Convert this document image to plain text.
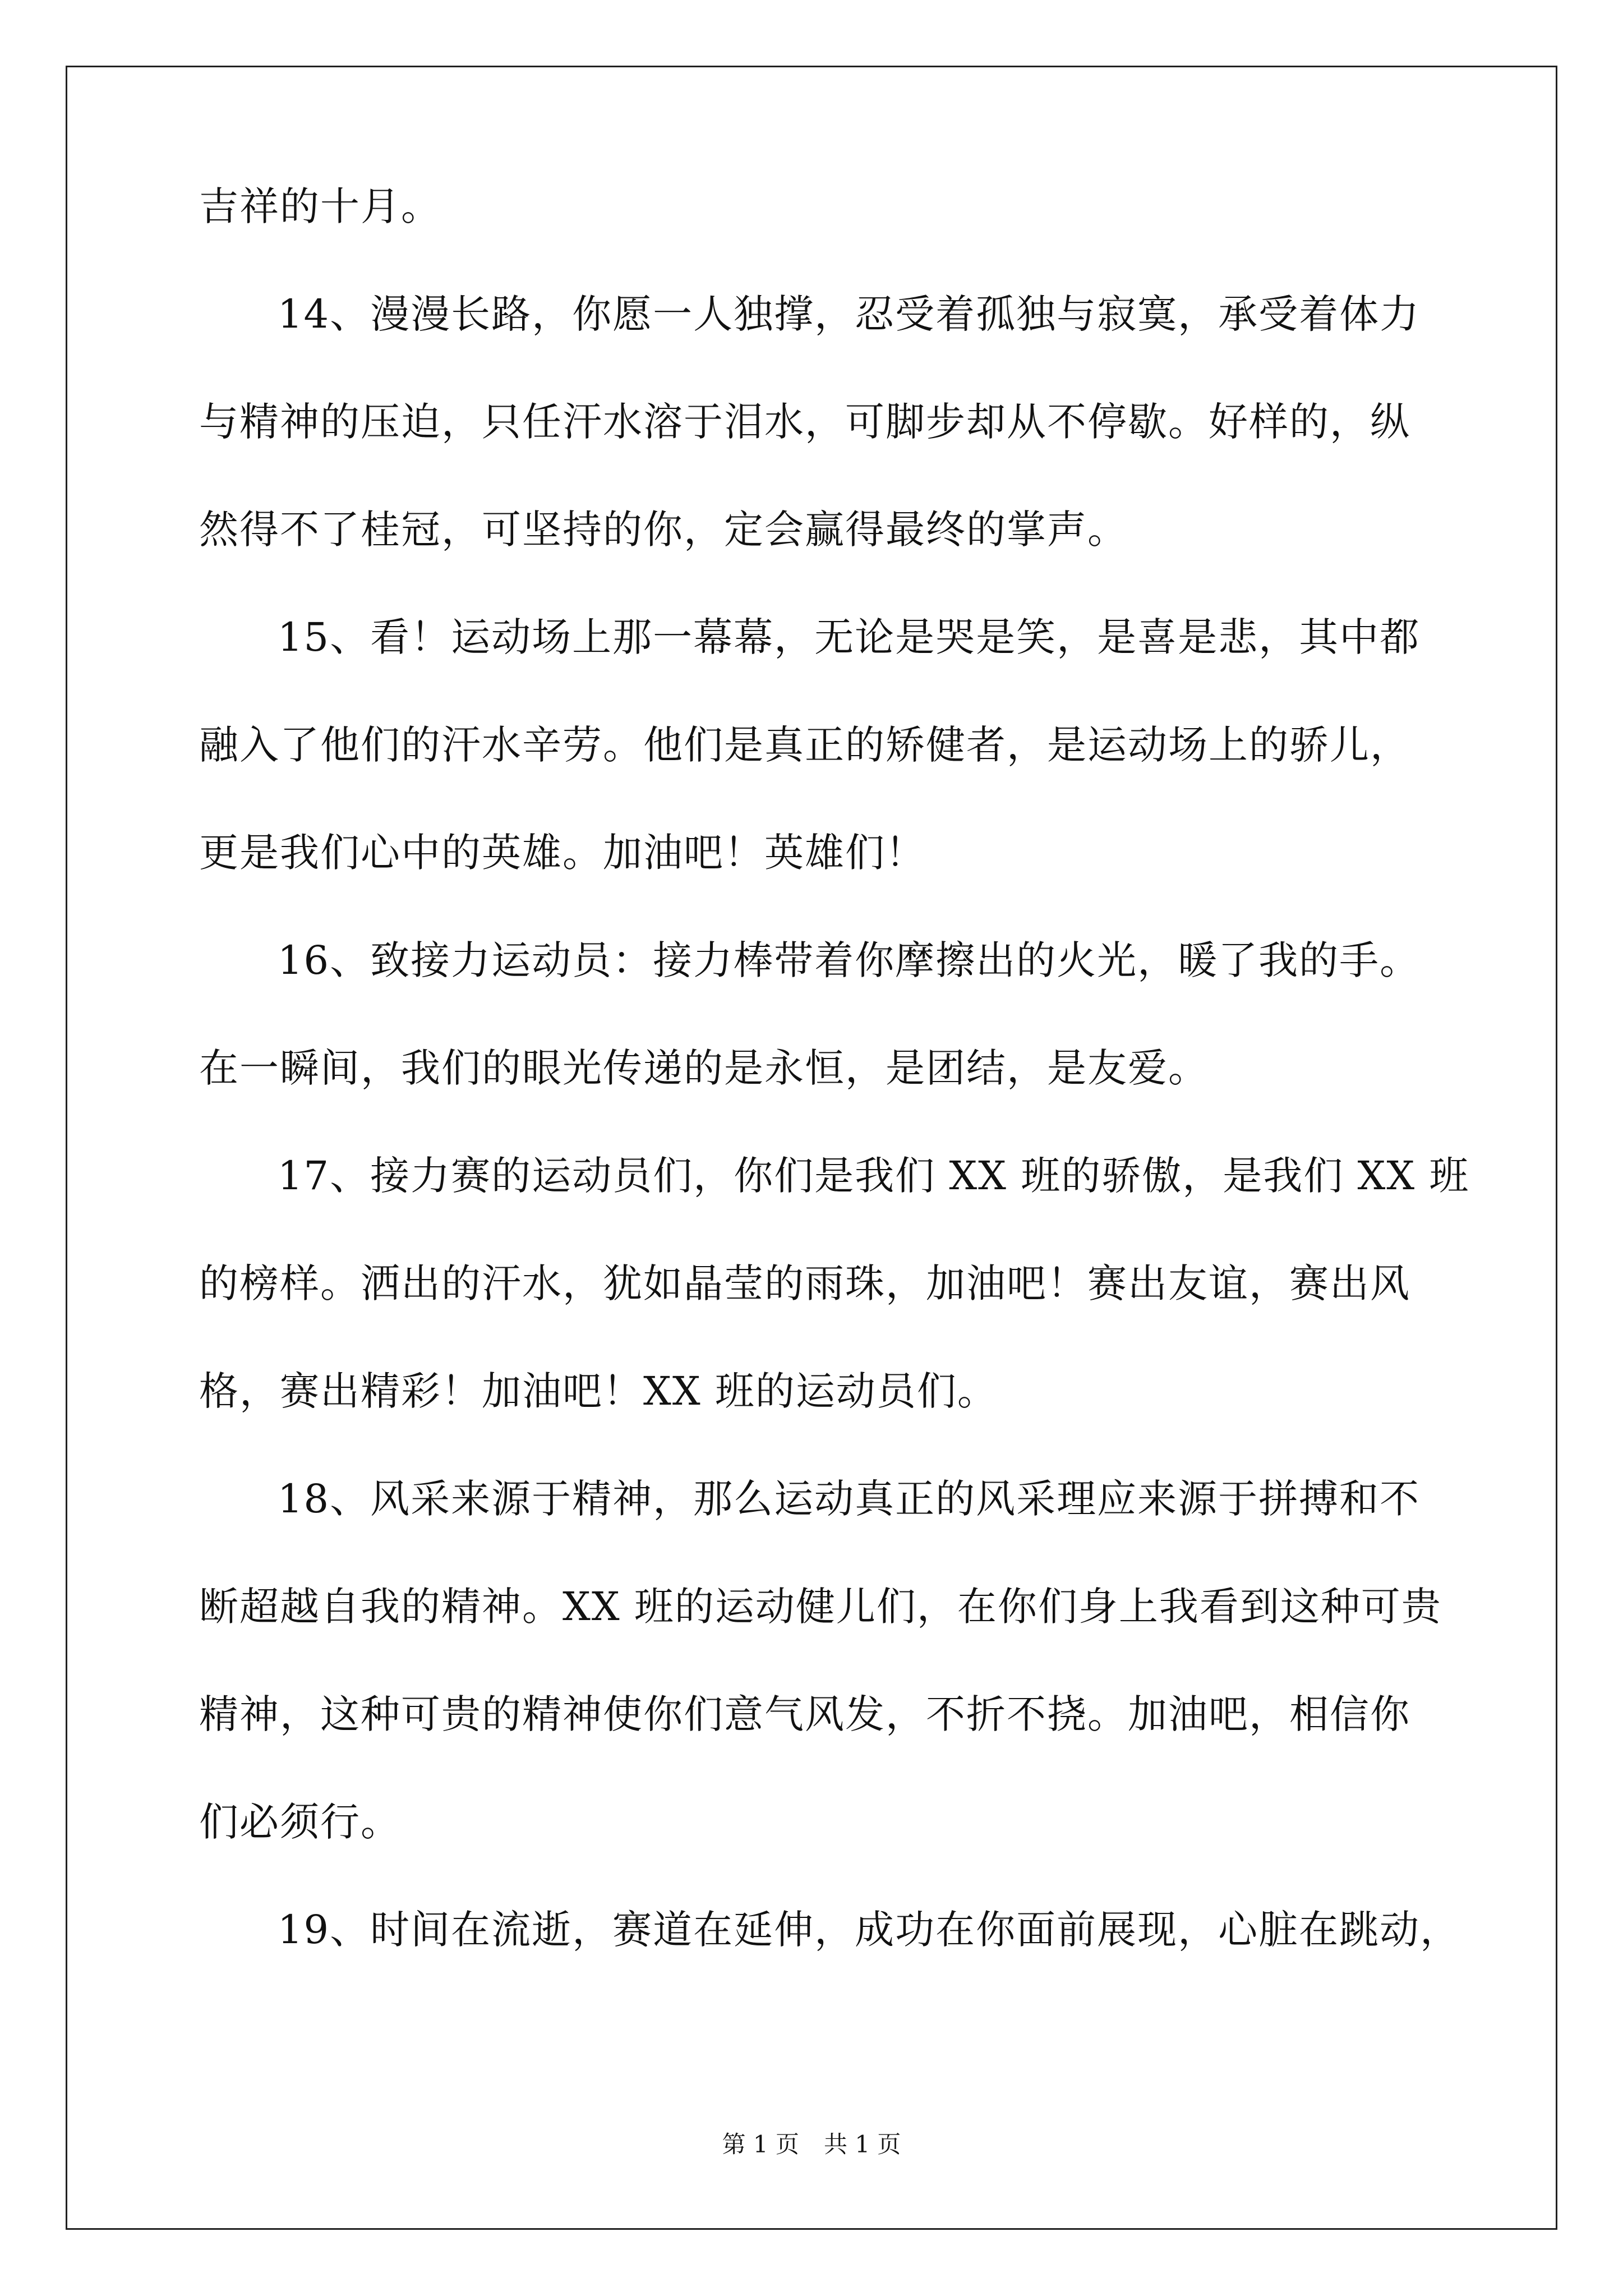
吉祥的十月。
14、漫漫长路，你愿一人独撑，忍受着孤独与寂寞，承受着体力
与精神的压迫，只任汗水溶于泪水，可脚步却从不停歇。好样的，纵
然得不了桂冠，可坚持的你，定会赢得最终的掌声。
15、看！运动场上那一幕幕，无论是哭是笑，是喜是悲，其中都
融入了他们的汗水辛劳。他们是真正的矫健者，是运动场上的骄儿，
更是我们心中的英雄。加油吧！英雄们！
16、致接力运动员：接力棒带着你摩擦出的火光，暖了我的手。
在一瞬间，我们的眼光传递的是永恒，是团结，是友爱。
17、接力赛的运动员们，你们是我们 XX 班的骄傲，是我们 XX 班
的榜样。洒出的汗水，犹如晶莹的雨珠，加油吧！赛出友谊，赛出风
格，赛出精彩！加油吧！XX 班的运动员们。
18、风采来源于精神，那么运动真正的风采理应来源于拼搏和不
断超越自我的精神。XX 班的运动健儿们，在你们身上我看到这种可贵
精神，这种可贵的精神使你们意气风发，不折不挠。加油吧，相信你
们必须行。
19、时间在流逝，赛道在延伸，成功在你面前展现，心脏在跳动，
第 1 页 共 1 页
